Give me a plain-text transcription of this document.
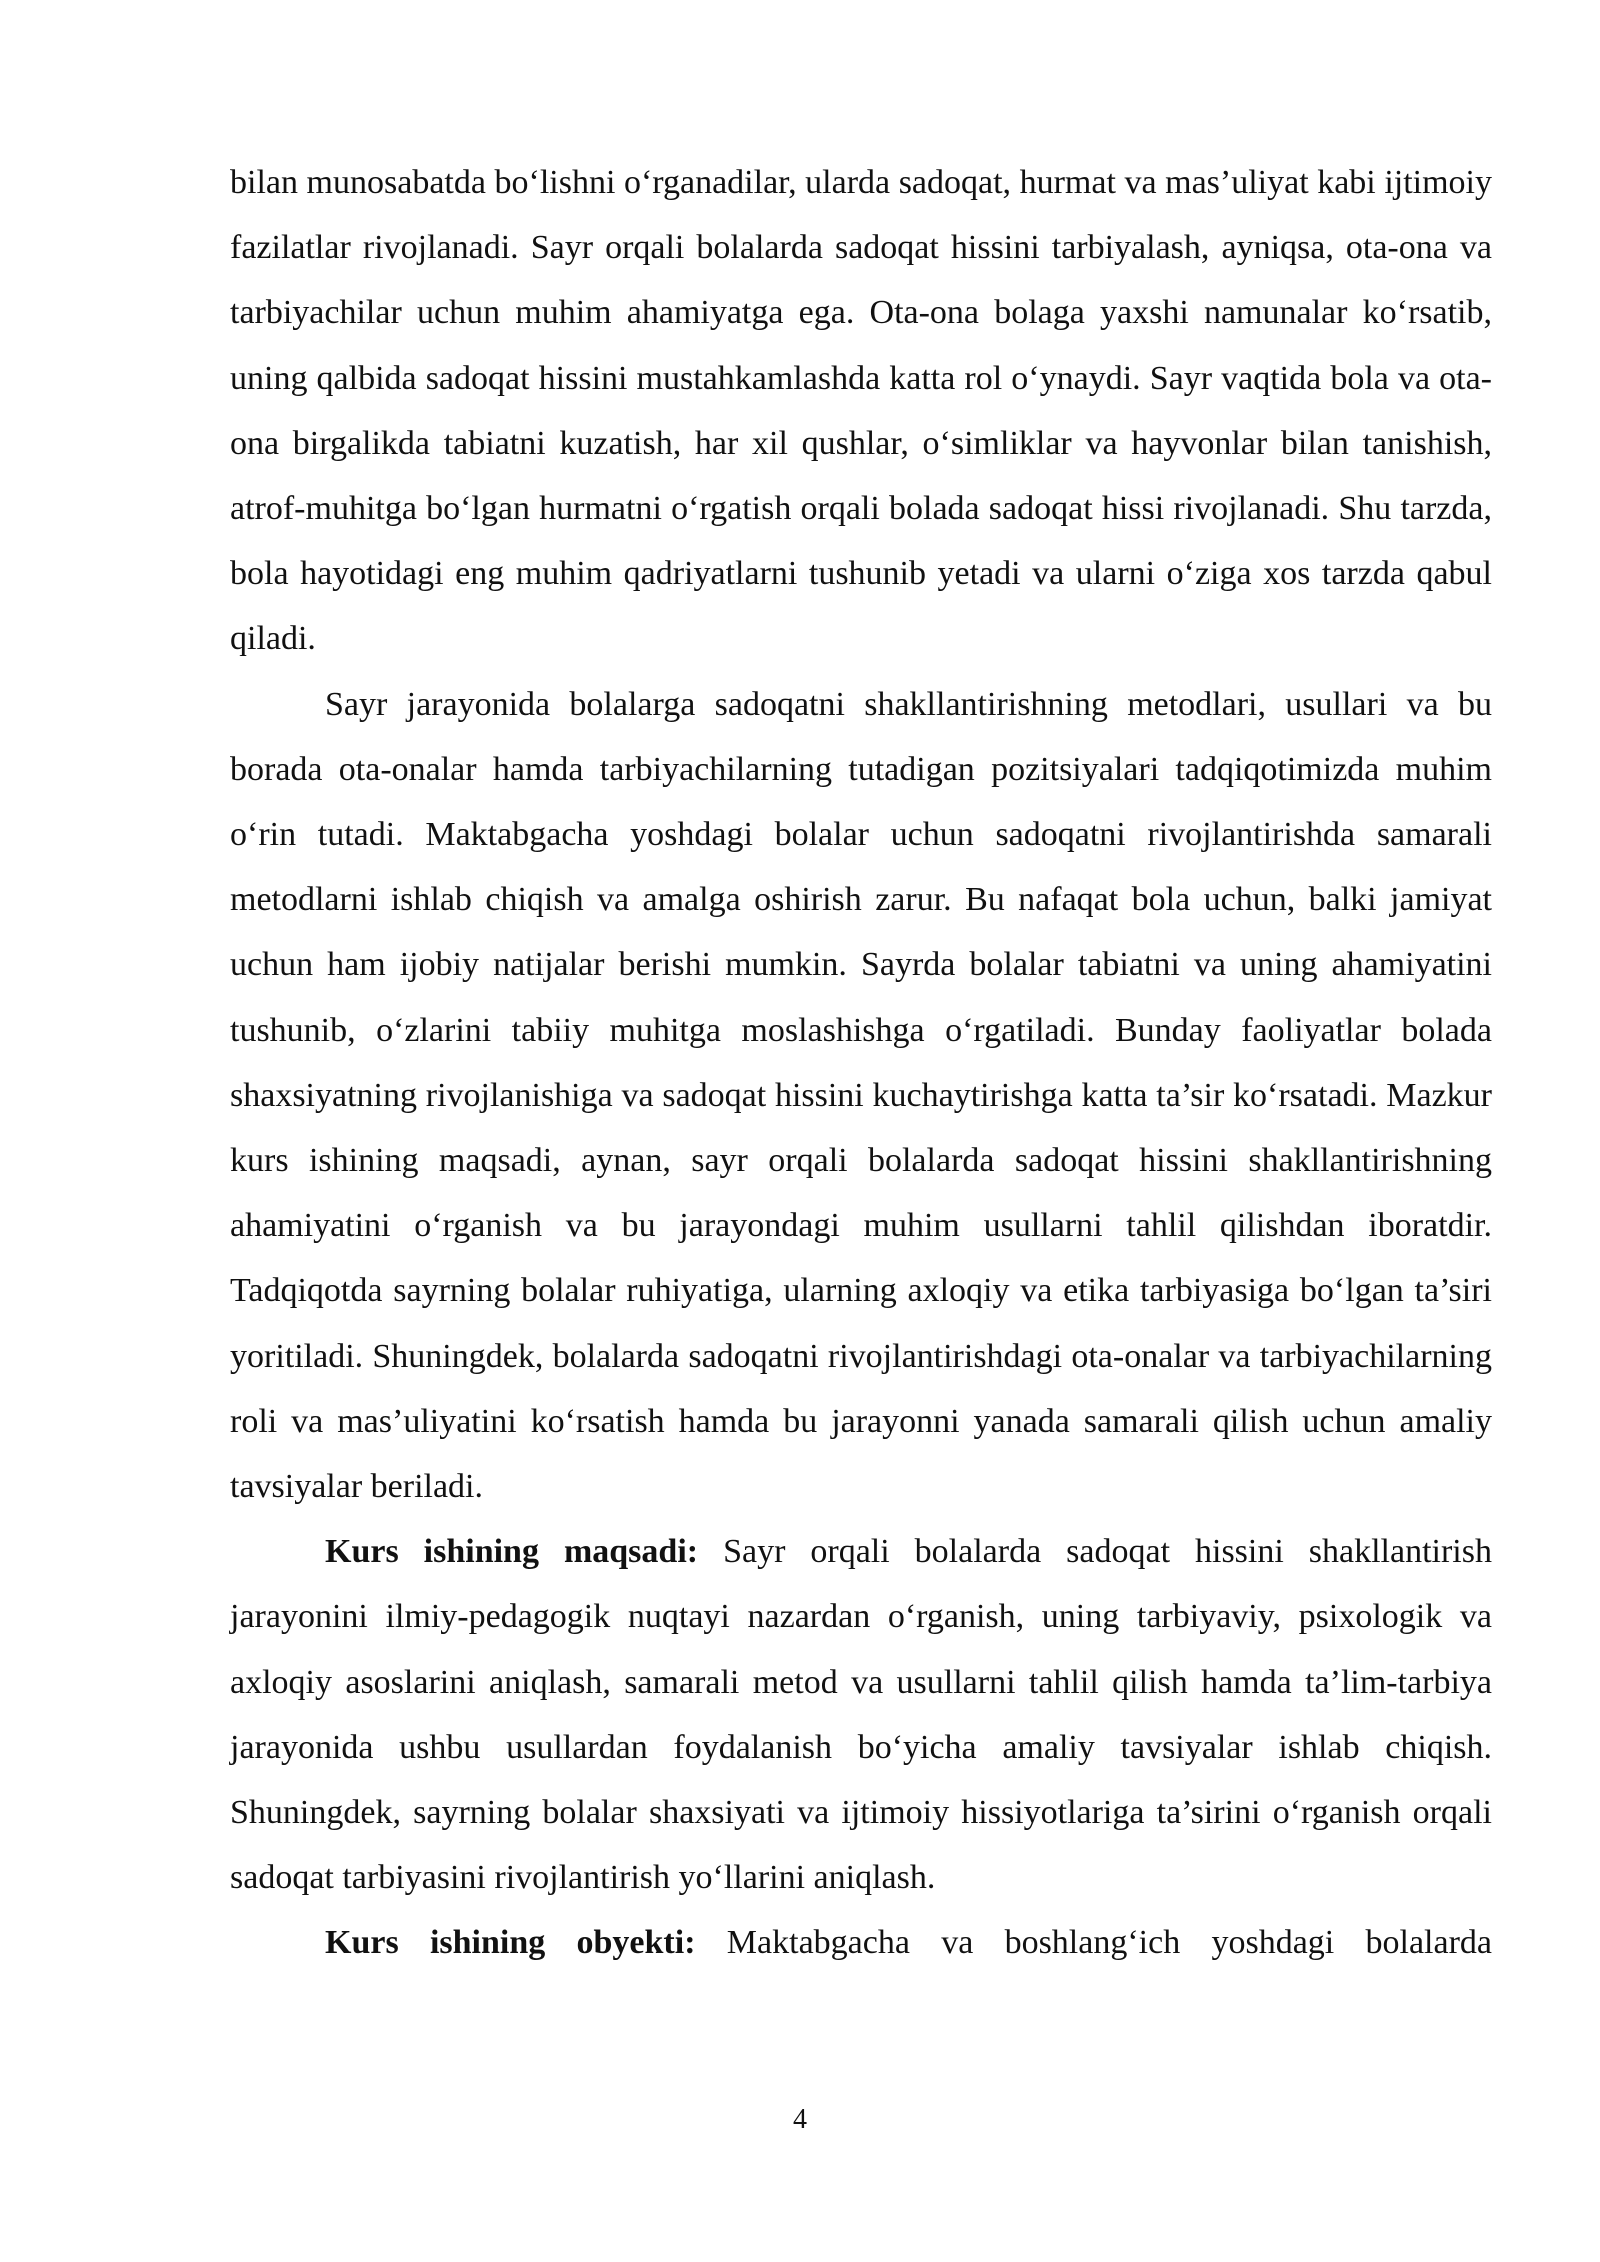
bilan munosabatda bo‘lishni o‘rganadilar, ularda sadoqat, hurmat va mas’uliyat kabi ijtimoiy fazilatlar rivojlanadi. Sayr orqali bolalarda sadoqat hissini tarbiyalash, ayniqsa, ota-ona va tarbiyachilar uchun muhim ahamiyatga ega. Ota-ona bolaga yaxshi namunalar ko‘rsatib, uning qalbida sadoqat hissini mustahkamlashda katta rol o‘ynaydi. Sayr vaqtida bola va ota-ona birgalikda tabiatni kuzatish, har xil qushlar, o‘simliklar va hayvonlar bilan tanishish, atrof-muhitga bo‘lgan hurmatni o‘rgatish orqali bolada sadoqat hissi rivojlanadi. Shu tarzda, bola hayotidagi eng muhim qadriyatlarni tushunib yetadi va ularni o‘ziga xos tarzda qabul qiladi.

Sayr jarayonida bolalarga sadoqatni shakllantirishning metodlari, usullari va bu borada ota-onalar hamda tarbiyachilarning tutadigan pozitsiyalari tadqiqotimizda muhim o‘rin tutadi. Maktabgacha yoshdagi bolalar uchun sadoqatni rivojlantirishda samarali metodlarni ishlab chiqish va amalga oshirish zarur. Bu nafaqat bola uchun, balki jamiyat uchun ham ijobiy natijalar berishi mumkin. Sayrda bolalar tabiatni va uning ahamiyatini tushunib, o‘zlarini tabiiy muhitga moslashishga o‘rgatiladi. Bunday faoliyatlar bolada shaxsiyatning rivojlanishiga va sadoqat hissini kuchaytirishga katta ta’sir ko‘rsatadi. Mazkur kurs ishining maqsadi, aynan, sayr orqali bolalarda sadoqat hissini shakllantirishning ahamiyatini o‘rganish va bu jarayondagi muhim usullarni tahlil qilishdan iboratdir. Tadqiqotda sayrning bolalar ruhiyatiga, ularning axloqiy va etika tarbiyasiga bo‘lgan ta’siri yoritiladi. Shuningdek, bolalarda sadoqatni rivojlantirishdagi ota-onalar va tarbiyachilarning roli va mas’uliyatini ko‘rsatish hamda bu jarayonni yanada samarali qilish uchun amaliy tavsiyalar beriladi.

Kurs ishining maqsadi: Sayr orqali bolalarda sadoqat hissini shakllantirish jarayonini ilmiy-pedagogik nuqtayi nazardan o‘rganish, uning tarbiyaviy, psixologik va axloqiy asoslarini aniqlash, samarali metod va usullarni tahlil qilish hamda ta’lim-tarbiya jarayonida ushbu usullardan foydalanish bo‘yicha amaliy tavsiyalar ishlab chiqish. Shuningdek, sayrning bolalar shaxsiyati va ijtimoiy hissiyotlariga ta’sirini o‘rganish orqali sadoqat tarbiyasini rivojlantirish yo‘llarini aniqlash.

Kurs ishining obyekti: Maktabgacha va boshlang‘ich yoshdagi bolalarda

4
